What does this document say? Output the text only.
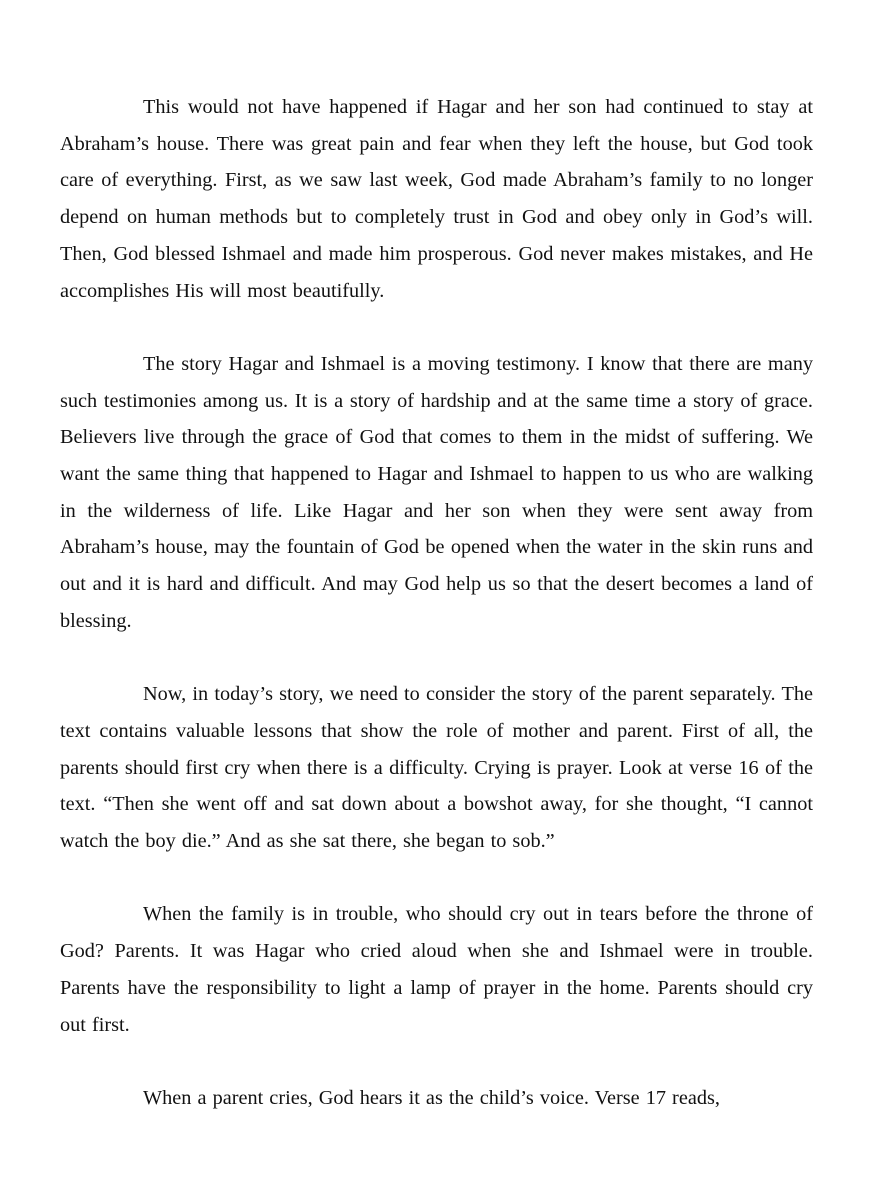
This would not have happened if Hagar and her son had continued to stay at Abraham’s house. There was great pain and fear when they left the house, but God took care of everything. First, as we saw last week, God made Abraham’s family to no longer depend on human methods but to completely trust in God and obey only in God’s will. Then, God blessed Ishmael and made him prosperous. God never makes mistakes, and He accomplishes His will most beautifully.

The story Hagar and Ishmael is a moving testimony. I know that there are many such testimonies among us. It is a story of hardship and at the same time a story of grace. Believers live through the grace of God that comes to them in the midst of suffering. We want the same thing that happened to Hagar and Ishmael to happen to us who are walking in the wilderness of life. Like Hagar and her son when they were sent away from Abraham’s house, may the fountain of God be opened when the water in the skin runs and out and it is hard and difficult. And may God help us so that the desert becomes a land of blessing.

Now, in today’s story, we need to consider the story of the parent separately. The text contains valuable lessons that show the role of mother and parent. First of all, the parents should first cry when there is a difficulty. Crying is prayer. Look at verse 16 of the text. “Then she went off and sat down about a bowshot away, for she thought, “I cannot watch the boy die.” And as she sat there, she began to sob.”

When the family is in trouble, who should cry out in tears before the throne of God? Parents. It was Hagar who cried aloud when she and Ishmael were in trouble. Parents have the responsibility to light a lamp of prayer in the home. Parents should cry out first.

When a parent cries, God hears it as the child’s voice. Verse 17 reads,
